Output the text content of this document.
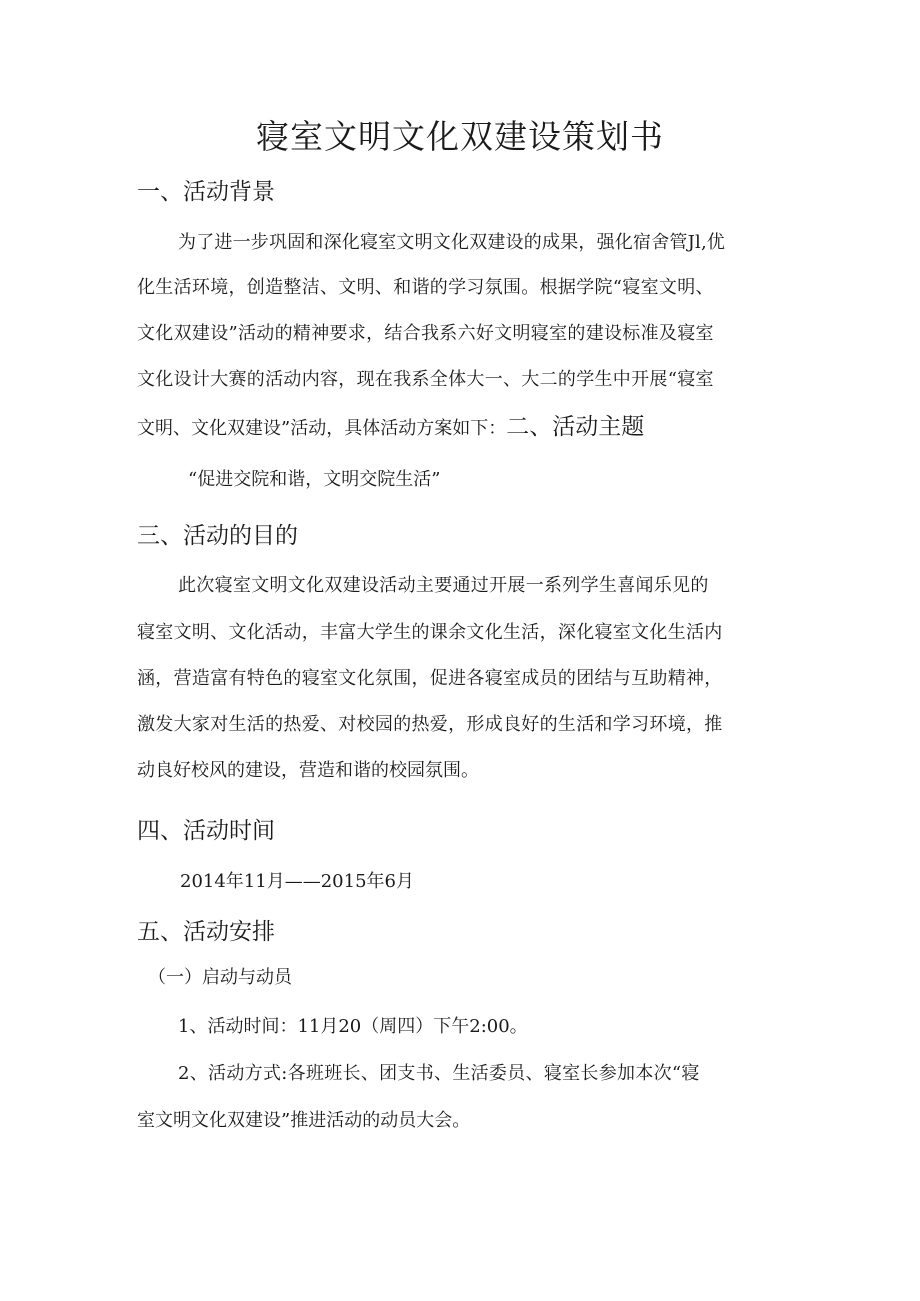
寝室文明文化双建设策划书
一、活动背景
为了进一步巩固和深化寝室文明文化双建设的成果，强化宿舍管Jl,优
化生活环境，创造整洁、文明、和谐的学习氛围。根据学院“寝室文明、
文化双建设”活动的精神要求，结合我系六好文明寝室的建设标准及寝室
文化设计大赛的活动内容，现在我系全体大一、大二的学生中开展“寝室
文明、文化双建设”活动，具体活动方案如下：二、活动主题
“促进交院和谐，文明交院生活”
三、活动的目的
此次寝室文明文化双建设活动主要通过开展一系列学生喜闻乐见的
寝室文明、文化活动，丰富大学生的课余文化生活，深化寝室文化生活内
涵，营造富有特色的寝室文化氛围，促进各寝室成员的团结与互助精神，
激发大家对生活的热爱、对校园的热爱，形成良好的生活和学习环境，推
动良好校风的建设，营造和谐的校园氛围。
四、活动时间
2014年11月——2015年6月
五、活动安排
（一）启动与动员
1、活动时间：11月20（周四）下午2:00。
2、活动方式:各班班长、团支书、生活委员、寝室长参加本次“寝
室文明文化双建设”推进活动的动员大会。
